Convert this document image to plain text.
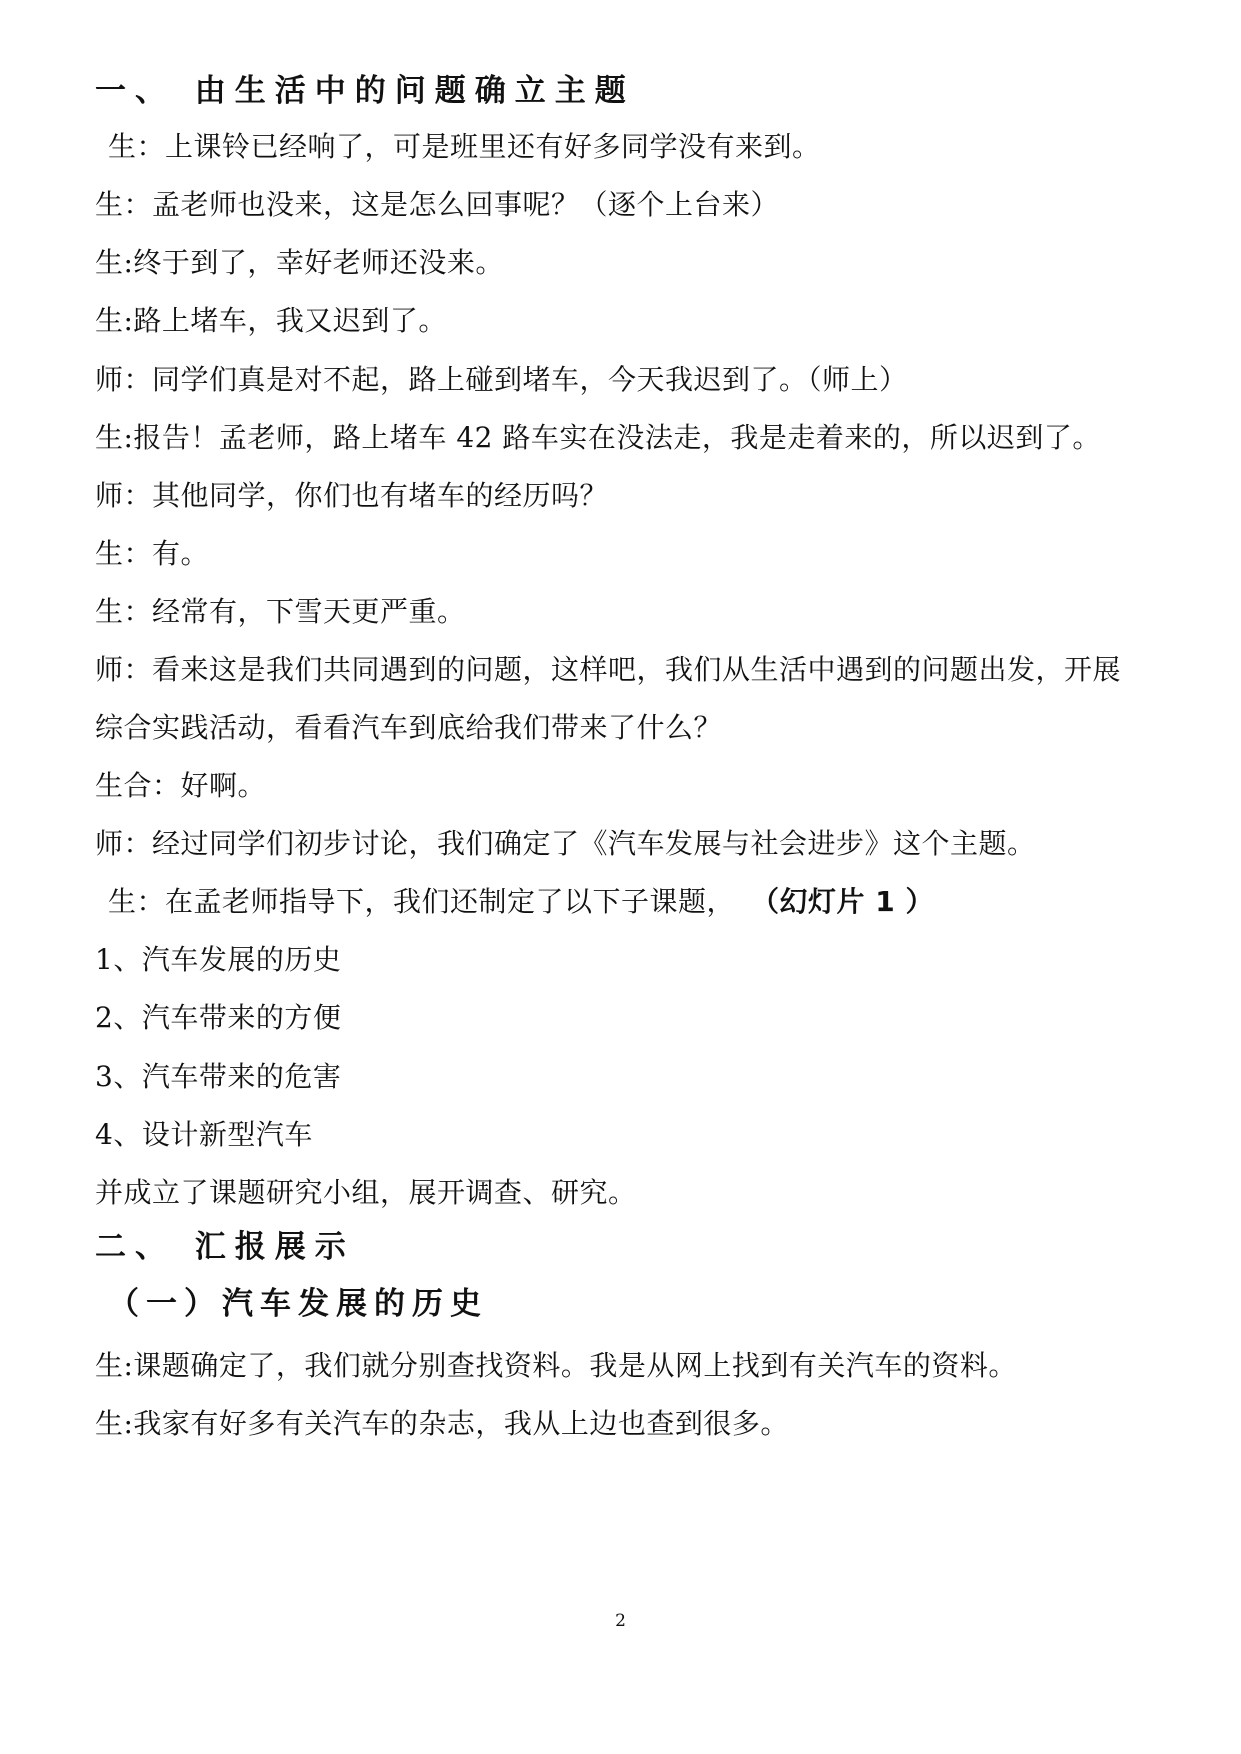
一、 由生活中的问题确立主题

生：上课铃已经响了，可是班里还有好多同学没有来到。

生：孟老师也没来，这是怎么回事呢？（逐个上台来）

生:终于到了，幸好老师还没来。

生:路上堵车，我又迟到了。

师：同学们真是对不起，路上碰到堵车，今天我迟到了。（师上）

生:报告！孟老师，路上堵车 42 路车实在没法走，我是走着来的，所以迟到了。

师：其他同学，你们也有堵车的经历吗？

生：有。

生：经常有，下雪天更严重。

师：看来这是我们共同遇到的问题，这样吧，我们从生活中遇到的问题出发，开展

综合实践活动，看看汽车到底给我们带来了什么？

生合：好啊。

师：经过同学们初步讨论，我们确定了《汽车发展与社会进步》这个主题。

生：在孟老师指导下，我们还制定了以下子课题， （幻灯片 1 ）

1、汽车发展的历史

2、汽车带来的方便

3、汽车带来的危害

4、设计新型汽车

并成立了课题研究小组，展开调查、研究。

二、 汇报展示
（一）汽车发展的历史

生:课题确定了，我们就分别查找资料。我是从网上找到有关汽车的资料。

生:我家有好多有关汽车的杂志，我从上边也查到很多。

2
